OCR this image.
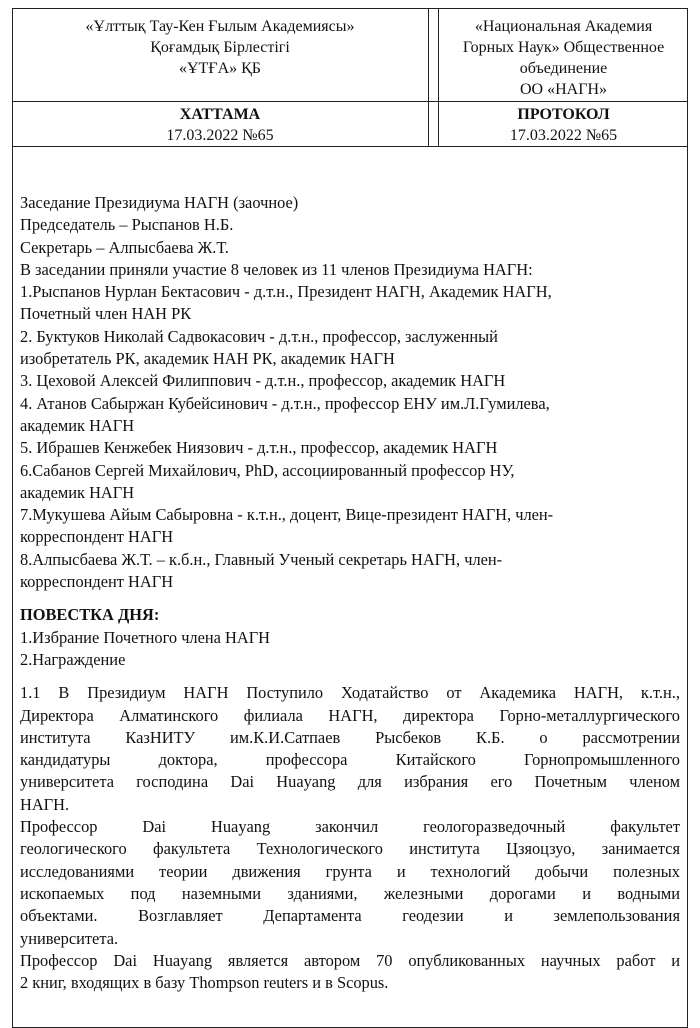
«Ұлттық Тау-Кен Ғылым Академиясы»
Қоғамдық Бірлестігі
«ҰТҒА» ҚБ
«Национальная Академия
Горных Наук» Общественное
объединение
ОО «НАГН»
ХАТТАМА
17.03.2022 №65
ПРОТОКОЛ
17.03.2022 №65
Заседание Президиума НАГН (заочное)
Председатель – Рыспанов Н.Б.
Секретарь – Алпысбаева Ж.Т.
В заседании приняли участие 8 человек из 11 членов Президиума НАГН:
1.Рыспанов Нурлан Бектасович - д.т.н., Президент НАГН, Академик НАГН,
Почетный член НАН РК
2. Буктуков Николай Садвокасович - д.т.н., профессор, заслуженный
изобретатель РК, академик НАН РК, академик НАГН
3. Цеховой Алексей Филиппович - д.т.н., профессор, академик НАГН
4. Атанов Сабыржан Кубейсинович - д.т.н., профессор ЕНУ им.Л.Гумилева,
академик НАГН
5. Ибрашев Кенжебек Ниязович - д.т.н., профессор, академик НАГН
6.Сабанов Сергей Михайлович, PhD, ассоциированный профессор НУ,
академик НАГН
7.Мукушева Айым Сабыровна - к.т.н., доцент, Вице-президент НАГН, член-
корреспондент НАГН
8.Алпысбаева Ж.Т. – к.б.н., Главный Ученый секретарь НАГН, член-
корреспондент НАГН
ПОВЕСТКА ДНЯ:
1.Избрание Почетного члена НАГН
2.Награждение
1.1 В Президиум НАГН Поступило Ходатайство от Академика НАГН, к.т.н.,
Директора Алматинского филиала НАГН, директора Горно-металлургического
института КазНИТУ им.К.И.Сатпаев Рысбеков К.Б. о рассмотрении
кандидатуры доктора, профессора Китайского Горнопромышленного
университета господина Dai Huayang для избрания его Почетным членом
НАГН.
Профессор Dai Huayang закончил геологоразведочный факультет
геологического факультета Технологического института Цзяоцзуо, занимается
исследованиями теории движения грунта и технологий добычи полезных
ископаемых под наземными зданиями, железными дорогами и водными
объектами. Возглавляет Департамента геодезии и землепользования
университета.
Профессор Dai Huayang является автором 70 опубликованных научных работ и
2 книг, входящих в базу Thompson reuters и в Scopus.
